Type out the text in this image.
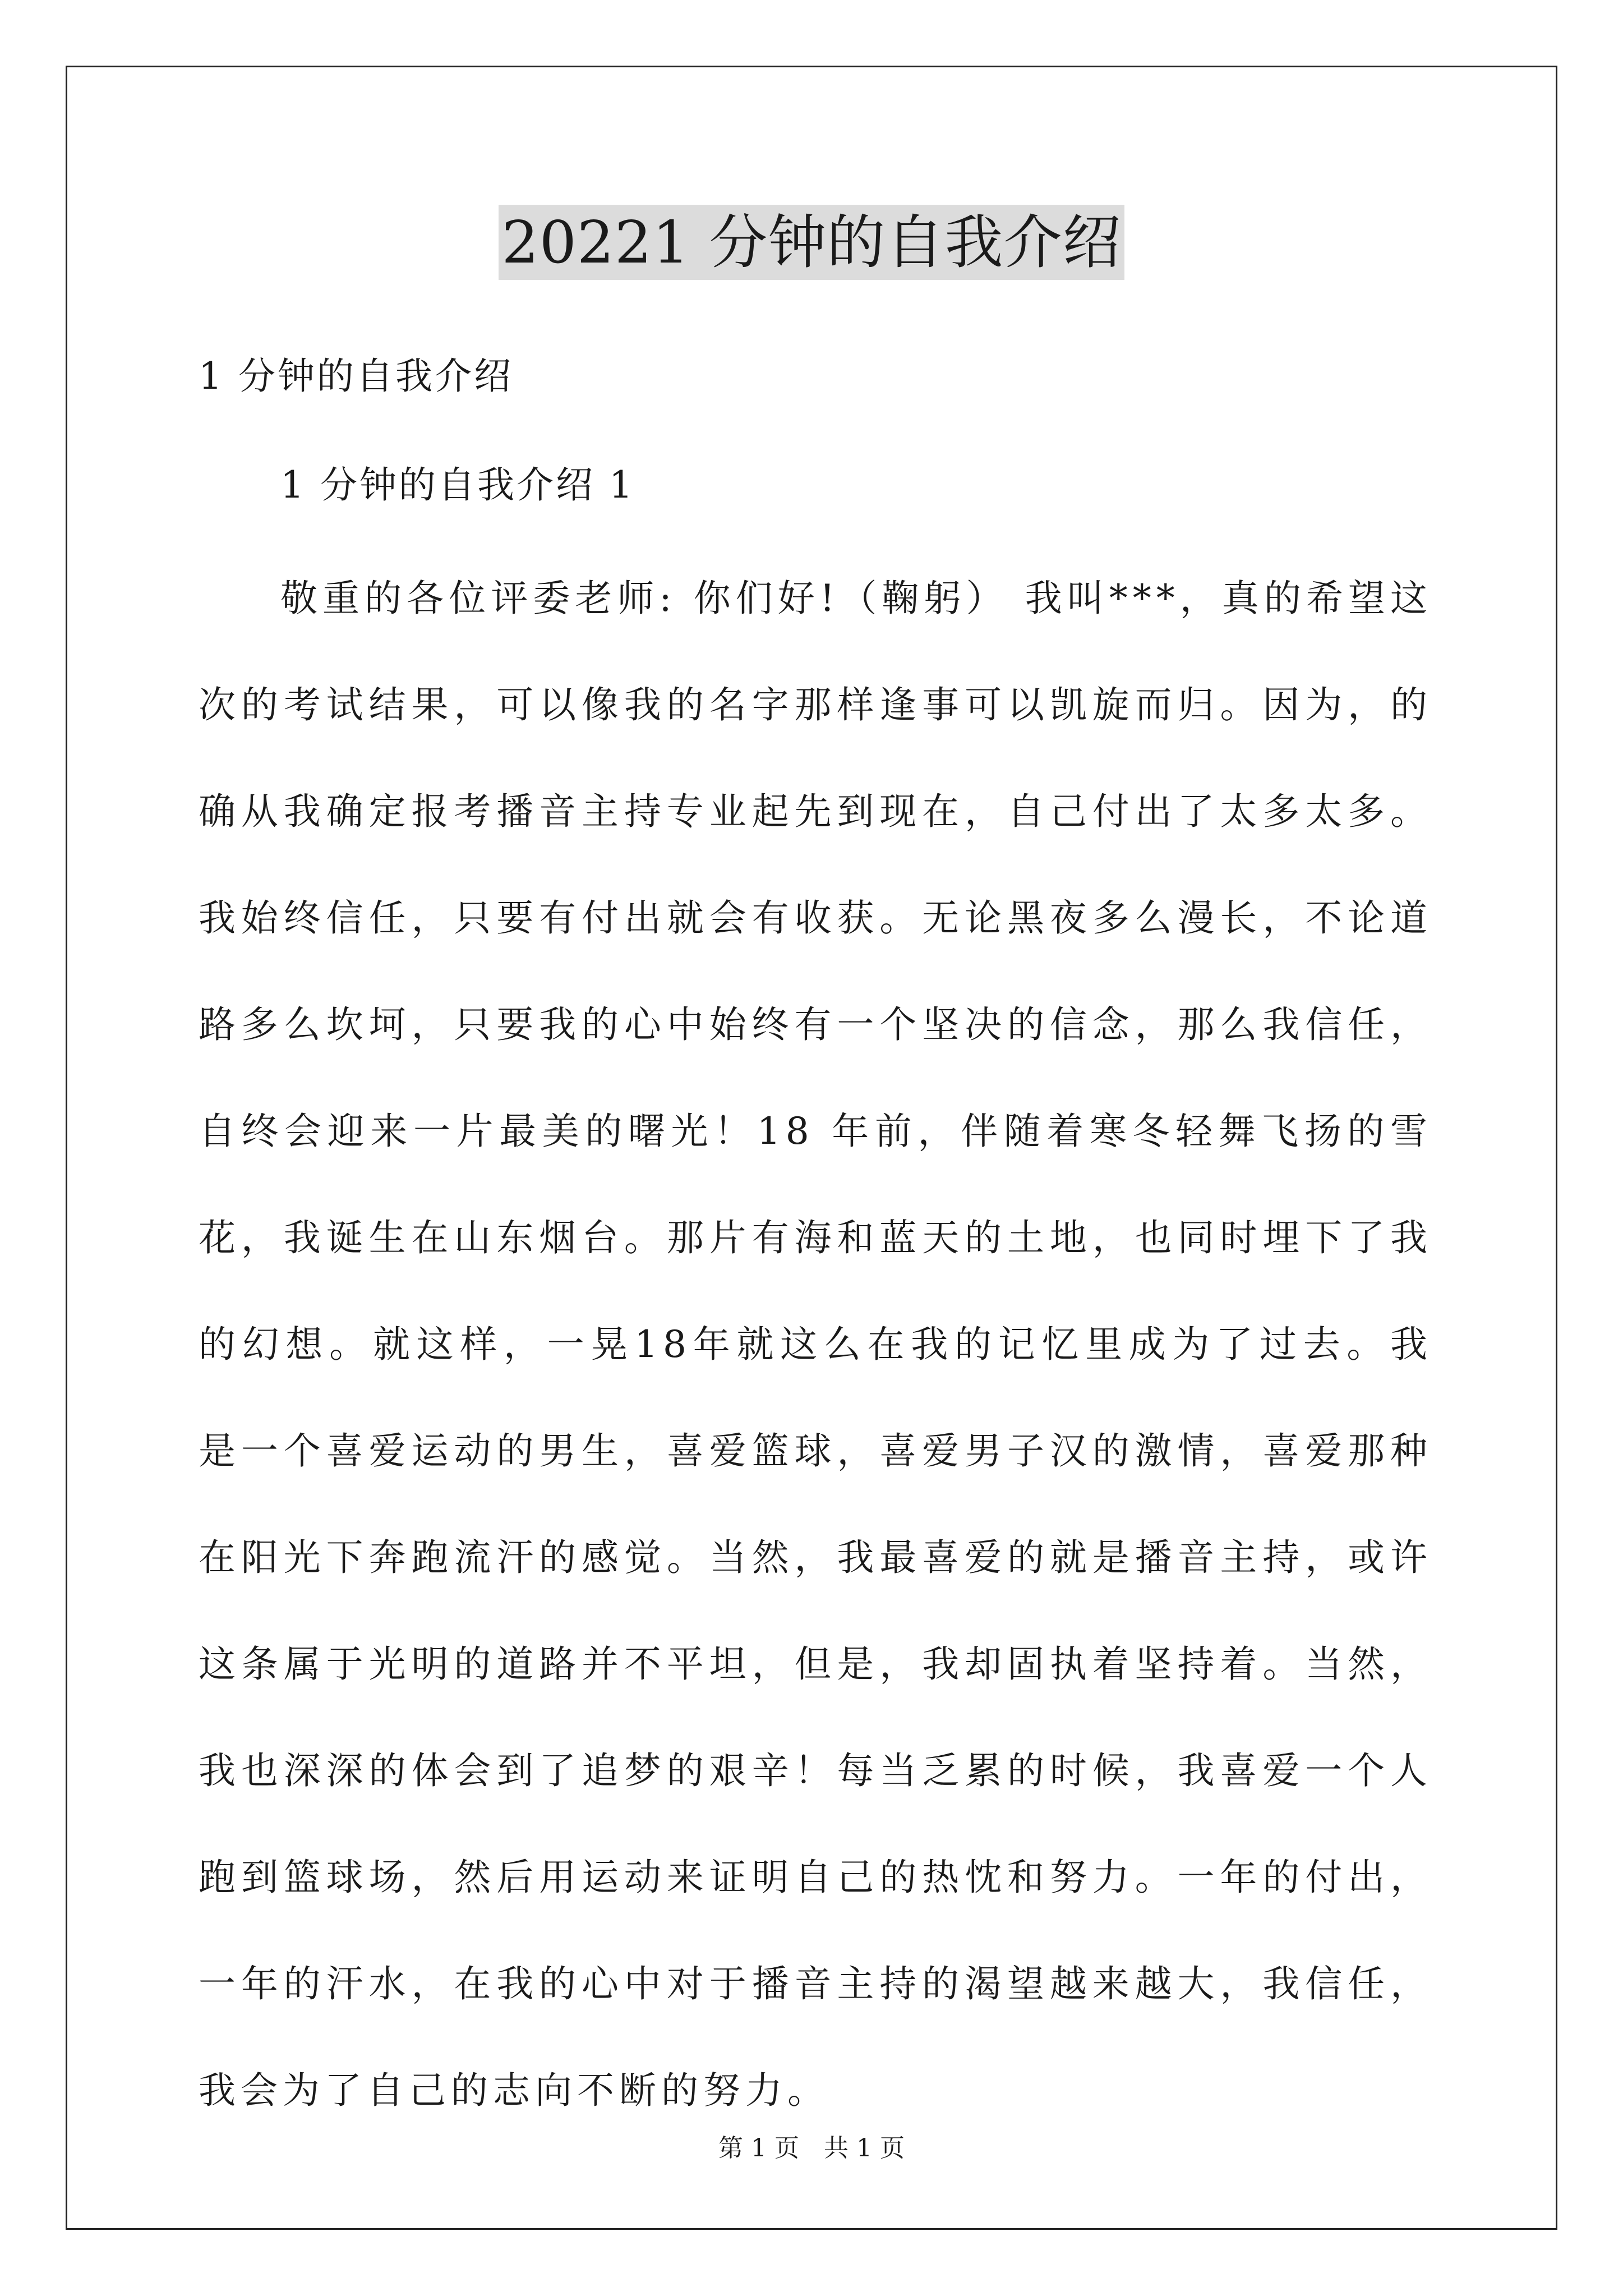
20221 分钟的自我介绍
1 分钟的自我介绍
1 分钟的自我介绍 1

敬重的各位评委老师: 你们好!（鞠躬） 我叫***，真的希望这次的考试结果，可以像我的名字那样逢事可以凯旋而归。因为，的确从我确定报考播音主持专业起先到现在，自己付出了太多太多。我始终信任，只要有付出就会有收获。无论黑夜多么漫长，不论道路多么坎坷，只要我的心中始终有一个坚决的信念，那么我信任，自终会迎来一片最美的曙光！18 年前，伴随着寒冬轻舞飞扬的雪花，我诞生在山东烟台。那片有海和蓝天的土地，也同时埋下了我的幻想。就这样，一晃18年就这么在我的记忆里成为了过去。我是一个喜爱运动的男生，喜爱篮球，喜爱男子汉的激情，喜爱那种在阳光下奔跑流汗的感觉。当然，我最喜爱的就是播音主持，或许这条属于光明的道路并不平坦，但是，我却固执着坚持着。当然，我也深深的体会到了追梦的艰辛！每当乏累的时候，我喜爱一个人跑到篮球场，然后用运动来证明自己的热忱和努力。一年的付出，一年的汗水，在我的心中对于播音主持的渴望越来越大，我信任，我会为了自己的志向不断的努力。

第 1 页　共 1 页
